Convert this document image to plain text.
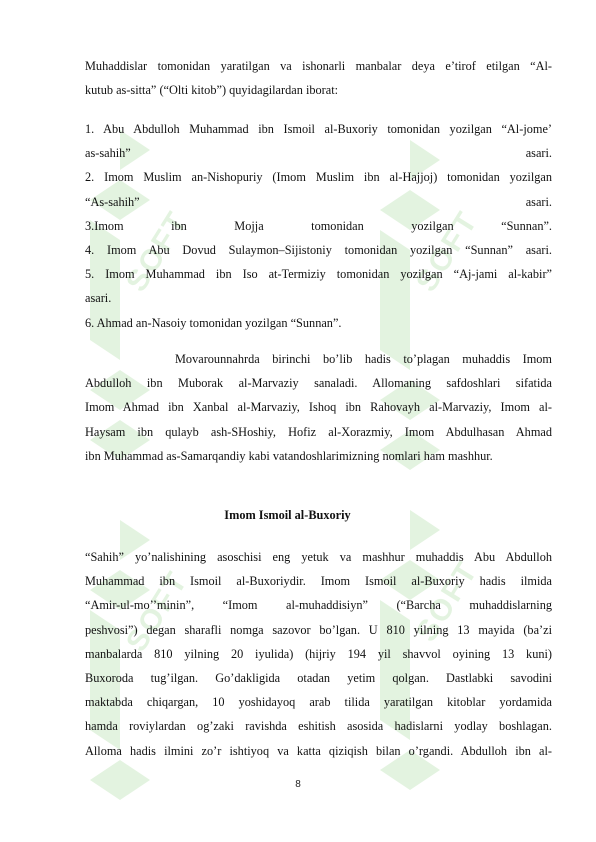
SOFT	SOFT
SOFT	SOFT

Muhaddislar tomonidan yaratilgan va ishonarli manbalar deya e’tirof etilgan “Al-

kutub as-sitta” (“Olti kitob”) quyidagilardan iborat:

1. Abu Abdulloh Muhammad ibn Ismoil al-Buxoriy tomonidan yozilgan “Al-jome’

as-sahih” asari.

2. Imom Muslim an-Nishopuriy (Imom Muslim ibn al-Hajjoj) tomonidan yozilgan

“As-sahih” asari.

3.Imom ibn Mojja tomonidan yozilgan “Sunnan”.

4. Imom Abu Dovud Sulaymon–Sijistoniy tomonidan yozilgan “Sunnan” asari.

5. Imom Muhammad ibn Iso at-Termiziy tomonidan yozilgan “Aj-jami al-kabir”

asari.

6. Ahmad an-Nasoiy tomonidan yozilgan “Sunnan”.

Movarounnahrda birinchi bo’lib hadis to’plagan muhaddis Imom

Abdulloh ibn Muborak al-Marvaziy sanaladi. Allomaning safdoshlari sifatida

Imom Ahmad ibn Xanbal al-Marvaziy, Ishoq ibn Rahovayh al-Marvaziy, Imom al-

Haysam ibn qulayb ash-SHoshiy, Hofiz al-Xorazmiy, Imom Abdulhasan Ahmad

ibn Muhammad as-Samarqandiy kabi vatandoshlarimizning nomlari ham mashhur.

Imom Ismoil al-Buxoriy

“Sahih” yo’nalishining asoschisi eng yetuk va mashhur muhaddis Abu Abdulloh

Muhammad ibn Ismoil al-Buxoriydir. Imom Ismoil al-Buxoriy hadis ilmida

“Amir-ul-mo’’minin”, “Imom al-muhaddisiyn” (“Barcha muhaddislarning

peshvosi”) degan sharafli nomga sazovor bo’lgan. U 810 yilning 13 mayida (ba’zi

manbalarda 810 yilning 20 iyulida) (hijriy 194 yil shavvol oyining 13 kuni)

Buxoroda tug’ilgan. Go’dakligida otadan yetim qolgan. Dastlabki savodini

maktabda chiqargan, 10 yoshidayoq arab tilida yaratilgan kitoblar yordamida

hamda roviylardan og’zaki ravishda eshitish asosida hadislarni yodlay boshlagan.

Alloma hadis ilmini zo’r ishtiyoq va katta qiziqish bilan o’rgandi. Abdulloh ibn al-

8
